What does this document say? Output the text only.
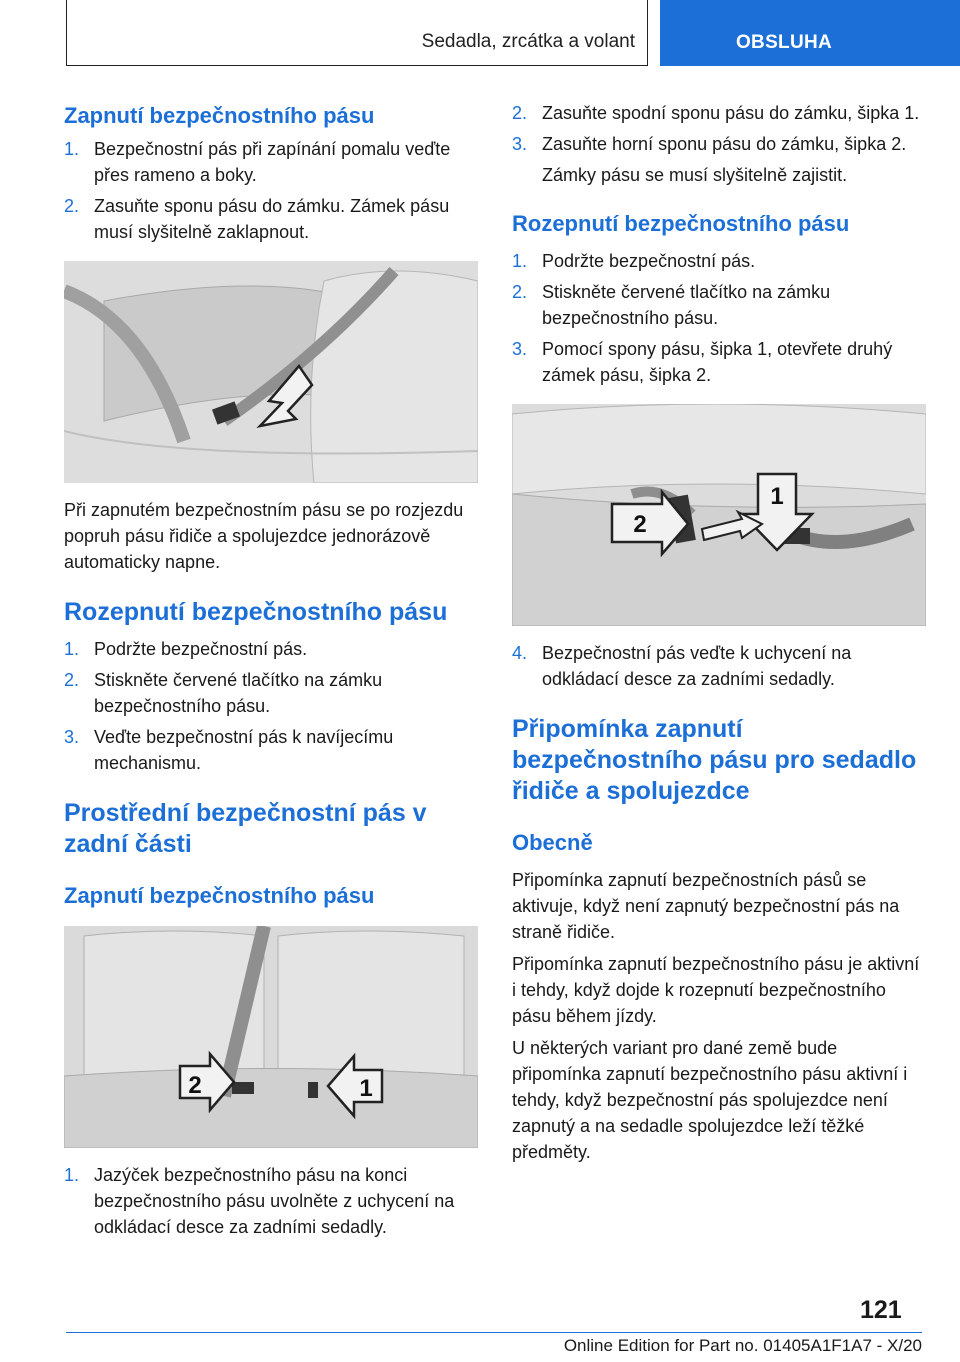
Sedadla, zrcátka a volant	OBSLUHA
Zapnutí bezpečnostního pásu
1. Bezpečnostní pás při zapínání pomalu veďte přes rameno a boky.
2. Zasuňte sponu pásu do zámku. Zámek pásu musí slyšitelně zaklapnout.

Při zapnutém bezpečnostním pásu se po rozjezdu popruh pásu řidiče a spolujezdce jednorázově automaticky napne.

Rozepnutí bezpečnostního pásu
1. Podržte bezpečnostní pás.
2. Stiskněte červené tlačítko na zámku bezpečnostního pásu.
3. Veďte bezpečnostní pás k navíjecímu mechanismu.
Prostřední bezpečnostní pás v zadní části
Zapnutí bezpečnostního pásu
2	1
1. Jazýček bezpečnostního pásu na konci bezpečnostního pásu uvolněte z uchycení na odkládací desce za zadními sedadly.
2. Zasuňte spodní sponu pásu do zámku, šipka 1.
3. Zasuňte horní sponu pásu do zámku, šipka 2.

Zámky pásu se musí slyšitelně zajistit.

Rozepnutí bezpečnostního pásu
1. Podržte bezpečnostní pás.
2. Stiskněte červené tlačítko na zámku bezpečnostního pásu.
3. Pomocí spony pásu, šipka 1, otevřete druhý zámek pásu, šipka 2.
2
1
4. Bezpečnostní pás veďte k uchycení na odkládací desce za zadními sedadly.
Připomínka zapnutí bezpečnostního pásu pro sedadlo řidiče a spolujezdce
Obecně

Připomínka zapnutí bezpečnostních pásů se aktivuje, když není zapnutý bezpečnostní pás na straně řidiče.

Připomínka zapnutí bezpečnostního pásu je aktivní i tehdy, když dojde k rozepnutí bezpečnostního pásu během jízdy.

U některých variant pro dané země bude připomínka zapnutí bezpečnostního pásu aktivní i tehdy, když bezpečnostní pás spolujezdce není zapnutý a na sedadle spolujezdce leží těžké předměty.

121
Online Edition for Part no. 01405A1F1A7 - X/20
